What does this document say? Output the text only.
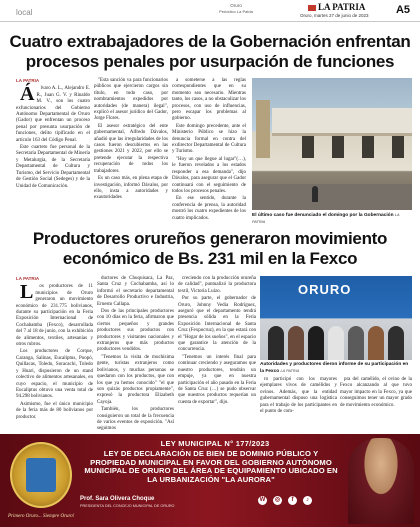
local
Oruro
Periódico La Patria	LA PATRIA
Oruro, martes 27 de junio de 2023 A5
Cuatro extrabajadores de la Gobernación enfrentan procesos penales por usurpación de funciones
LA PATRIA

Á lvaro A. L., Alejandro E. R., Juan G. V. y Rinaldo M. V., son los cuatro exfuncionarios del Gobierno Autónomo Departamental de Oruro (Gador) que enfrentan un proceso penal por presunta usurpación de funciones, delito tipificado en el artículo 163 del Código Penal.

Este cuarteto fue personal de la Secretaría Departamental de Minería y Metalurgia, de la Secretaría Departamental de Cultura y Turismo, del Servicio Departamental de Gestión Social (Sedeges) y de la Unidad de Comunicación.

"Esta sanción va para funcionarios públicos que ejercieron cargos sin título, en todo caso, por nombramientos expedidos por autoridades (de manera) ilegal", explicó el asesor jurídico del Gador, Jorge Flores.

El asesor estratégico del ente gubernamental, Alfredo Dávalos, añadió que las irregularidades de los casos fueron descubiertos en las gestiones 2021 y 2022, por ello se pretende ejecutar la respectiva recuperación de todos los trabajadores.

Es un caso más, en plena etapa de investigación, informó Dávalos, por ello, insta a autoridades y exautoridades

a someterse a las reglas correspondientes que en su momento sea necesario. Mientras tanto, los casos, a no obstaculizar los procesos, con uso de influencias, pero escapar los problemas al gobierno.

Este domingo precedente, ante el Ministerio Público se hizo la denuncia formal en contra del exdirector Departamental de Cultura y Turismo.

"Hoy un que llegue al lugar"(…), le fueron revelados a los estados responder a esa demanda", dijo Dávalos, para asegurar que el Gador continuará con el seguimiento de todos los procesos penales.

En ese sentido, durante la conferencia de prensa, la autoridad mostró los cuatro expedientes de los cuatro implicados.

El último caso fue denunciado el domingo por la Gobernación LA PATRIA
Productores orureños generaron movimiento económico de Bs. 231 mil en la Fexco
LA PATRIA

L os productores de 11 municipios de Oruro generaron un movimiento económico de 231.775 bolivianos, durante su participación en la Feria Exposición Internacional de Cochabamba (Fexco), desarrollada del 7 al 18 de junio, con la exhibición de alimentos, textiles, artesanías y otros rubros.

Los productores de Corque, Caranga, Salinas, Eucaliptus, Poopó, Quillacas, Toledo, Soracachi, Toledo y Huari, dispusieron de un stand colectivo de alimentos artesanales, en cuyo espacio, el municipio de Eucaliptus obtuvo una venta total de 94.298 bolivianos.

Asimismo, fue el único municipio de la feria más de 80 bolivianos por productor.

ductores de Chuquisaca, La Paz, Santa Cruz y Cochabamba, así lo informó el secretario departamental de Desarrollo Productivo e Industria, Ernesto Callapa.

Dos de las principales productores con 10 días en la feria, afirmaron que ciertos pequeños y grandes productores sus productos con productores y visitantes nacionales y extranjeros que más productos productores vendidos.

"Tenemos la visita de muchísima gente, turistas extranjeros como bolivianos, y muchas personas se quedaron con los productos, que con los que ya hemos conocido" "el que son quizás productos propiamente", expresó la productora Elizabeth Cayoja.

También, los productores consiguieron un total de la frecuencia de varios eventos de exposición. "Así seguimos

creciendo con la producción orureña de calidad", puntualizó la productora textil, Victoria Luizo.

Por su parte, el gobernador de Oruro, Johnny Vedia Rodríguez, aseguró que el departamento tendrá presencia sólida en la Feria Exposición Internacional de Santa Cruz (Fexpocruz), en la que estará con el "Hogar de los sueños", en el espacio que garantice la atención de la concurrencia.

"Tenemos un interés final para continuar creciendo y aseguramos que nuestro productores, tendrán un empuje, ya que en nuestra participación el año pasado en la Feria de Santa Cruz (…) se pudo observar que nuestros productos requerían un cuenta de exportar", dijo.

ORURO
Autoridades y productores dieron informe de su participación en la Fexco LA PATRIA

ro participó con los mayores ejemplares vivos de camélidos y ovinos. Además, que la entidad gubernamental dispuso una logística para el trabajo de los participantes en el punto de com-

pra del camélido, el ovino de la Fexco alcanzando al que tuvo mayor impacto en la Fexco, ya que conseguimos tener un mayor grado de movimiento económico.

Primero Oruro... Siempre Oruro!
LEY MUNICIPAL N° 177/2023
LEY DE DECLARACIÓN DE BIEN DE DOMINIO PÚBLICO Y PROPIEDAD MUNICIPAL EN FAVOR DEL GOBIERNO AUTÓNOMO MUNICIPAL DE ORURO DEL ÁREA DE EQUIPAMIENTO UBICADO EN LA URBANIZACIÓN "LA AURORA"
Prof. Sara Olivera Choque
PRESIDENTA DEL CONCEJO MUNICIPAL DE ORURO
W	◎	f	♪
